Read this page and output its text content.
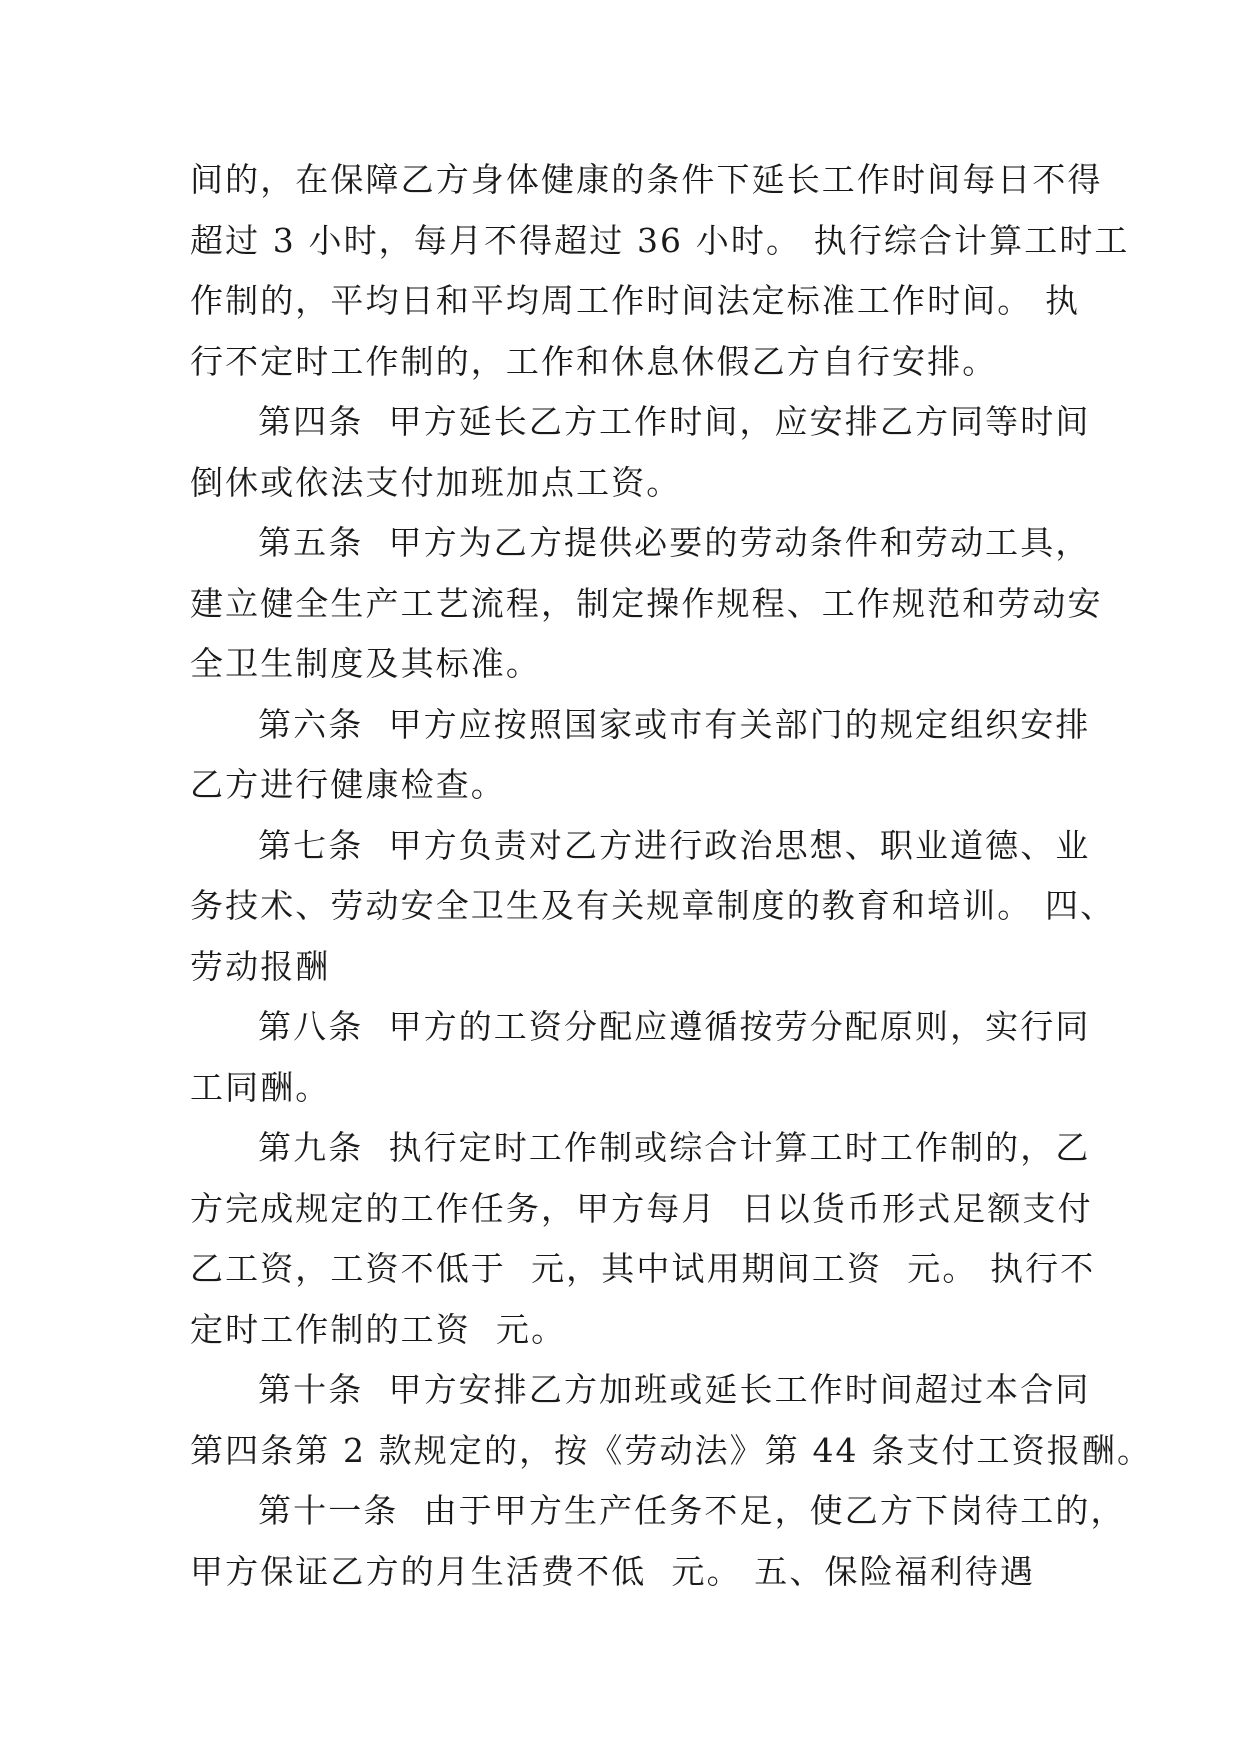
间的，在保障乙方身体健康的条件下延长工作时间每日不得
超过 3 小时，每月不得超过 36 小时。 执行综合计算工时工
作制的，平均日和平均周工作时间法定标准工作时间。 执
行不定时工作制的，工作和休息休假乙方自行安排。
第四条  甲方延长乙方工作时间，应安排乙方同等时间
倒休或依法支付加班加点工资。
第五条  甲方为乙方提供必要的劳动条件和劳动工具，
建立健全生产工艺流程，制定操作规程、工作规范和劳动安
全卫生制度及其标准。
第六条  甲方应按照国家或市有关部门的规定组织安排
乙方进行健康检查。
第七条  甲方负责对乙方进行政治思想、职业道德、业
务技术、劳动安全卫生及有关规章制度的教育和培训。 四、
劳动报酬
第八条  甲方的工资分配应遵循按劳分配原则，实行同
工同酬。
第九条  执行定时工作制或综合计算工时工作制的，乙
方完成规定的工作任务，甲方每月  日以货币形式足额支付
乙工资，工资不低于  元，其中试用期间工资  元。 执行不
定时工作制的工资  元。
第十条  甲方安排乙方加班或延长工作时间超过本合同
第四条第 2 款规定的，按《劳动法》第 44 条支付工资报酬。
第十一条  由于甲方生产任务不足，使乙方下岗待工的，
甲方保证乙方的月生活费不低  元。 五、保险福利待遇
